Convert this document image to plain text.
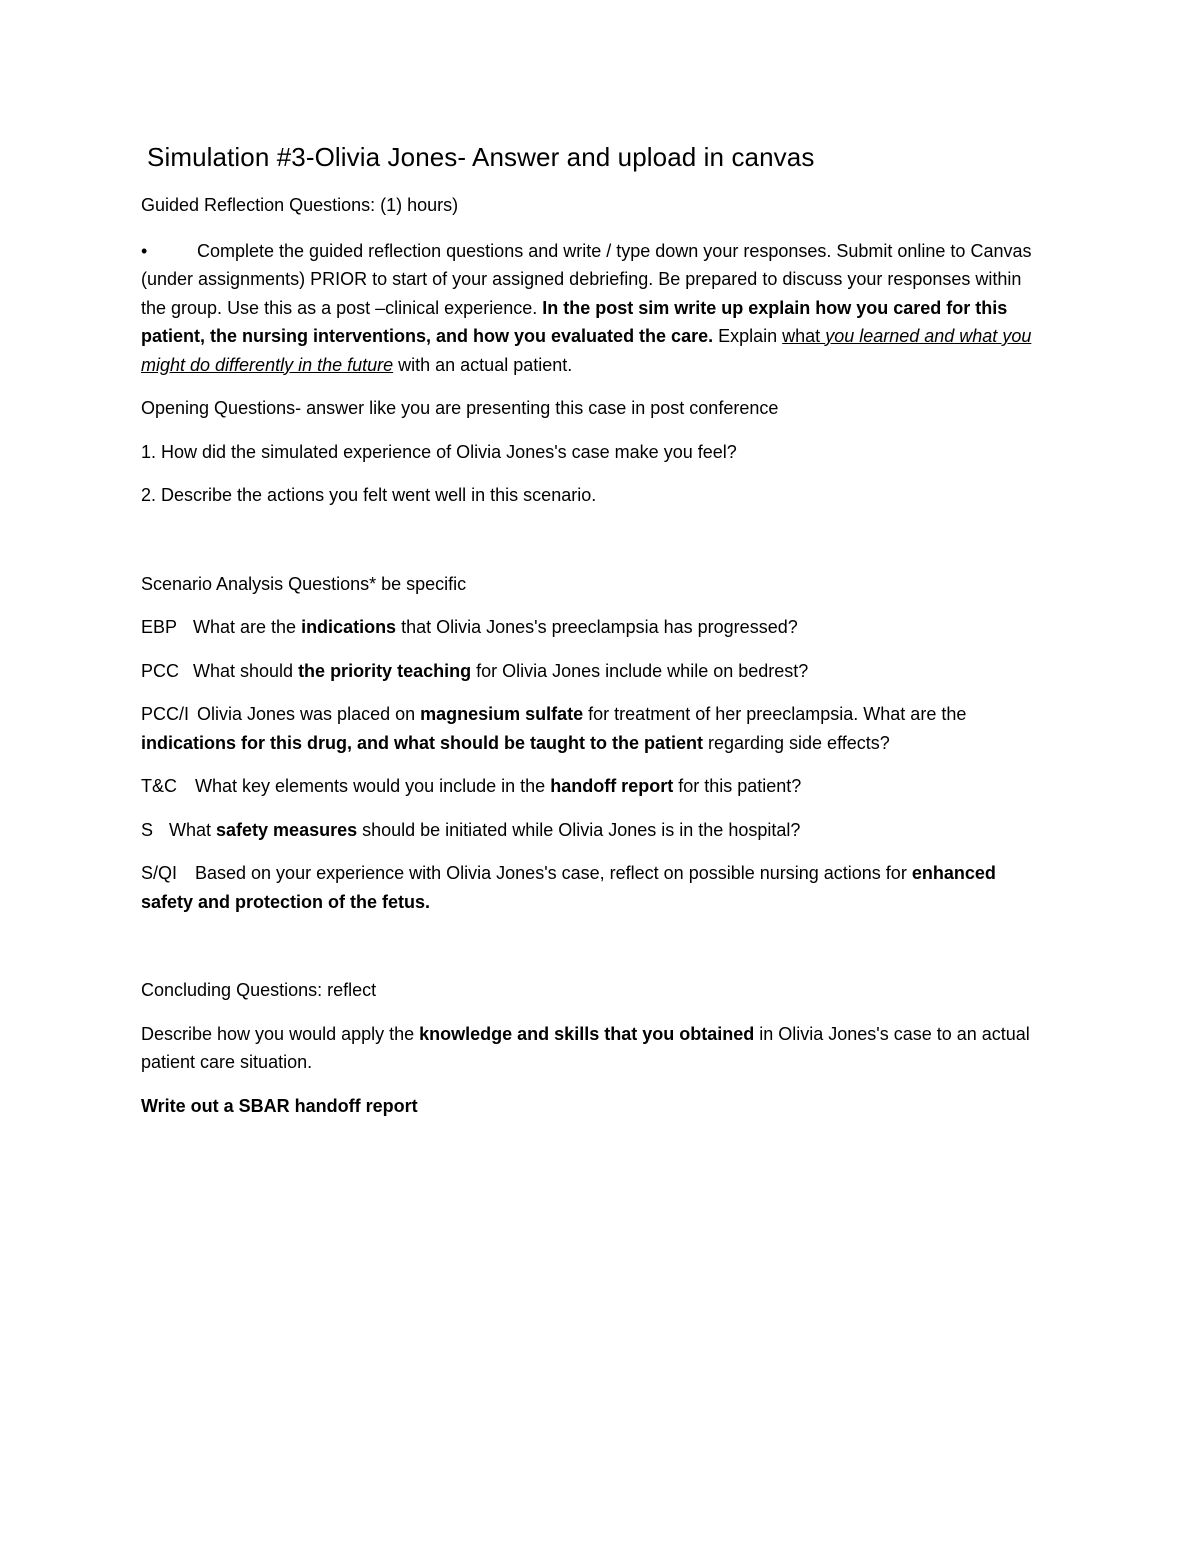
Simulation #3-Olivia Jones- Answer and upload in canvas

Guided Reflection Questions: (1) hours)

•	Complete the guided reflection questions and write / type down your responses. Submit online to Canvas (under assignments) PRIOR to start of your assigned debriefing. Be prepared to discuss your responses within the group. Use this as a post –clinical experience. In the post sim write up explain how you cared for this patient, the nursing interventions, and how you evaluated the care. Explain what you learned and what you might do differently in the future with an actual patient.

Opening Questions- answer like you are presenting this case in post conference

1. How did the simulated experience of Olivia Jones's case make you feel?

2. Describe the actions you felt went well in this scenario.

Scenario Analysis Questions* be specific

EBP What are the indications that Olivia Jones's preeclampsia has progressed?

PCC What should the priority teaching for Olivia Jones include while on bedrest?

PCC/I Olivia Jones was placed on magnesium sulfate for treatment of her preeclampsia. What are the indications for this drug, and what should be taught to the patient regarding side effects?

T&C What key elements would you include in the handoff report for this patient?

S What safety measures should be initiated while Olivia Jones is in the hospital?

S/QI Based on your experience with Olivia Jones's case, reflect on possible nursing actions for enhanced safety and protection of the fetus.

Concluding Questions: reflect

Describe how you would apply the knowledge and skills that you obtained in Olivia Jones's case to an actual patient care situation.

Write out a SBAR handoff report
